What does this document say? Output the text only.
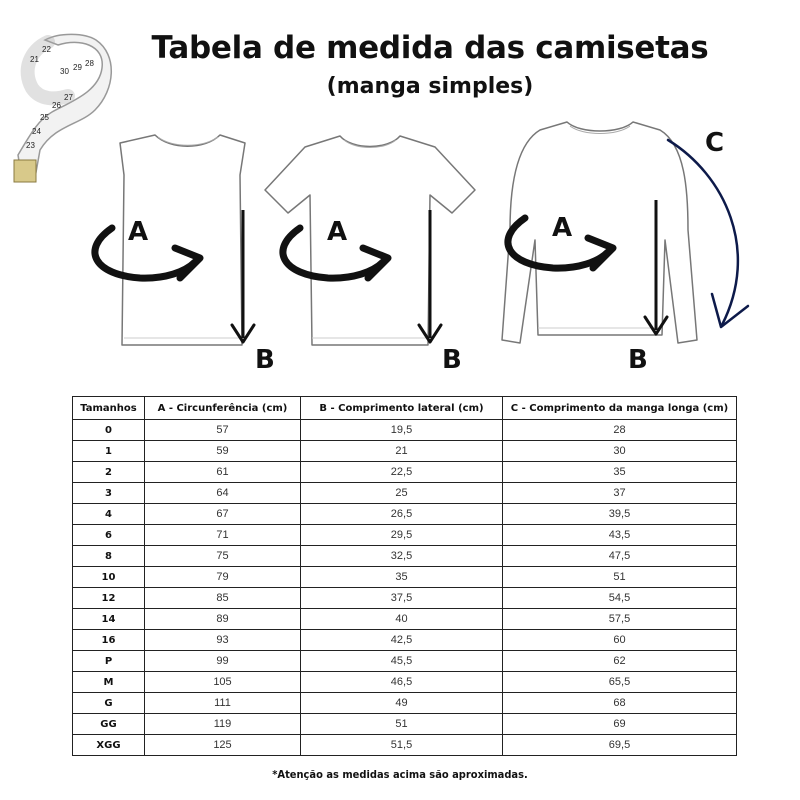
Tabela de medida das camisetas
(manga simples)
30 29 28
27
26
25
24
23
22
21
A
B
A
B
A
B
C
Tamanhos	A - Circunferência (cm)	B - Comprimento lateral (cm)	C - Comprimento da manga longa (cm)
0	57	19,5	28
1	59	21	30
2	61	22,5	35
3	64	25	37
4	67	26,5	39,5
6	71	29,5	43,5
8	75	32,5	47,5
10	79	35	51
12	85	37,5	54,5
14	89	40	57,5
16	93	42,5	60
P	99	45,5	62
M	105	46,5	65,5
G	111	49	68
GG	119	51	69
XGG	125	51,5	69,5
*Atenção as medidas acima são aproximadas.
